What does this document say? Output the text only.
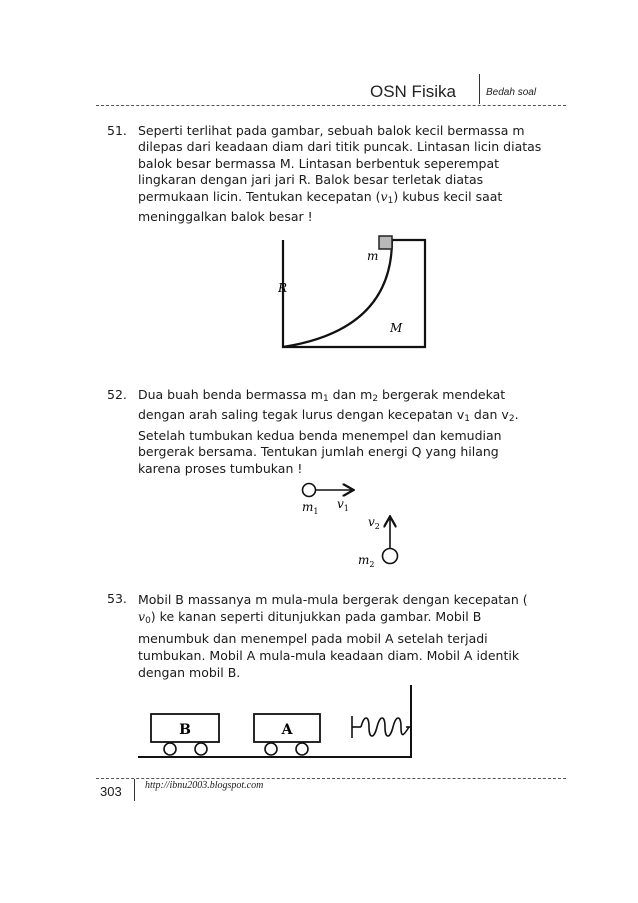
OSN Fisika	Bedah soal
51. Seperti terlihat pada gambar, sebuah balok kecil bermassa m
dilepas dari keadaan diam dari titik puncak. Lintasan licin diatas
balok besar bermassa M. Lintasan berbentuk seperempat
lingkaran dengan jari jari R. Balok besar terletak diatas
permukaan licin. Tentukan kecepatan $(v_1)$ kubus kecil saat
meninggalkan balok besar !
m
R
M
52. Dua buah benda bermassa $m_1$ dan $m_2$ bergerak mendekat
dengan arah saling tegak lurus dengan kecepatan $v_1$ dan $v_2$.
Setelah tumbukan kedua benda menempel dan kemudian
bergerak bersama. Tentukan jumlah energi Q yang hilang
karena proses tumbukan !
$m_1$
$v_1$
$v_2$
$m_2$
53. Mobil B massanya m mula-mula bergerak dengan kecepatan (
$v_0$) ke kanan seperti ditunjukkan pada gambar. Mobil B
menumbuk dan menempel pada mobil A setelah terjadi
tumbukan. Mobil A mula-mula keadaan diam. Mobil A identik
dengan mobil B.
B	A
303 http://ibnu2003.blogspot.com
